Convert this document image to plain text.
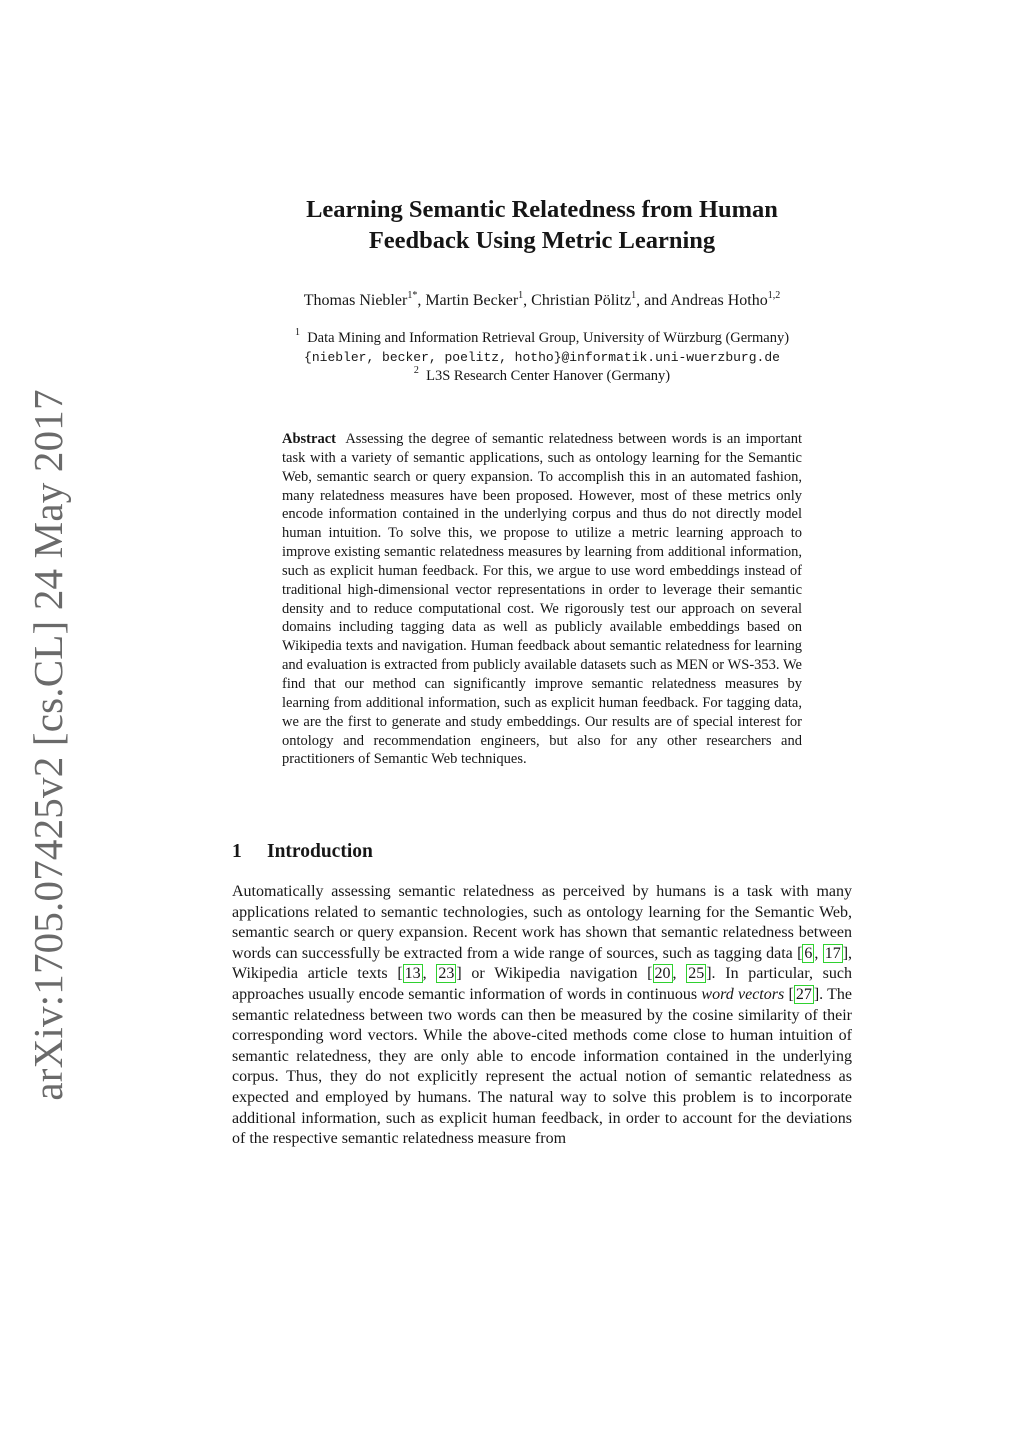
arXiv:1705.07425v2 [cs.CL] 24 May 2017
Learning Semantic Relatedness from Human
Feedback Using Metric Learning
Thomas Niebler$^{1*}$, Martin Becker$^1$, Christian Pölitz$^1$, and Andreas Hotho$^{1,2}$
$^1$ Data Mining and Information Retrieval Group, University of Würzburg (Germany)
{niebler, becker, poelitz, hotho}@informatik.uni-wuerzburg.de
$^2$ L3S Research Center Hanover (Germany)
Abstract Assessing the degree of semantic relatedness between words is an important task with a variety of semantic applications, such as ontology learning for the Semantic Web, semantic search or query expansion. To accomplish this in an automated fashion, many relatedness measures have been proposed. However, most of these metrics only encode information contained in the underlying corpus and thus do not directly model human intuition. To solve this, we propose to utilize a metric learning approach to improve existing semantic relatedness measures by learning from additional information, such as explicit human feedback. For this, we argue to use word embeddings instead of traditional high-dimensional vector representations in order to leverage their semantic density and to reduce computational cost. We rigorously test our approach on several domains including tagging data as well as publicly available embeddings based on Wikipedia texts and navigation. Human feedback about semantic relatedness for learning and evaluation is extracted from publicly available datasets such as MEN or WS-353. We find that our method can significantly improve semantic relatedness measures by learning from additional information, such as explicit human feedback. For tagging data, we are the first to generate and study embeddings. Our results are of special interest for ontology and recommendation engineers, but also for any other researchers and practitioners of Semantic Web techniques.
1 Introduction
Automatically assessing semantic relatedness as perceived by humans is a task with many applications related to semantic technologies, such as ontology learning for the Semantic Web, semantic search or query expansion. Recent work has shown that semantic relatedness between words can successfully be extracted from a wide range of sources, such as tagging data [ 6 , 17 ], Wikipedia article texts [ 13 , 23 ] or Wikipedia navigation [ 20 , 25 ]. In particular, such approaches usually encode semantic information of words in continuous word vectors [ 27 ]. The semantic relatedness between two words can then be measured by the cosine similarity of their corresponding word vectors. While the above-cited methods come close to human intuition of semantic relatedness, they are only able to encode information contained in the underlying corpus. Thus, they do not explicitly represent the actual notion of semantic relatedness as expected and employed by humans. The natural way to solve this problem is to incorporate additional information, such as explicit human feedback, in order to account for the deviations of the respective semantic relatedness measure from
